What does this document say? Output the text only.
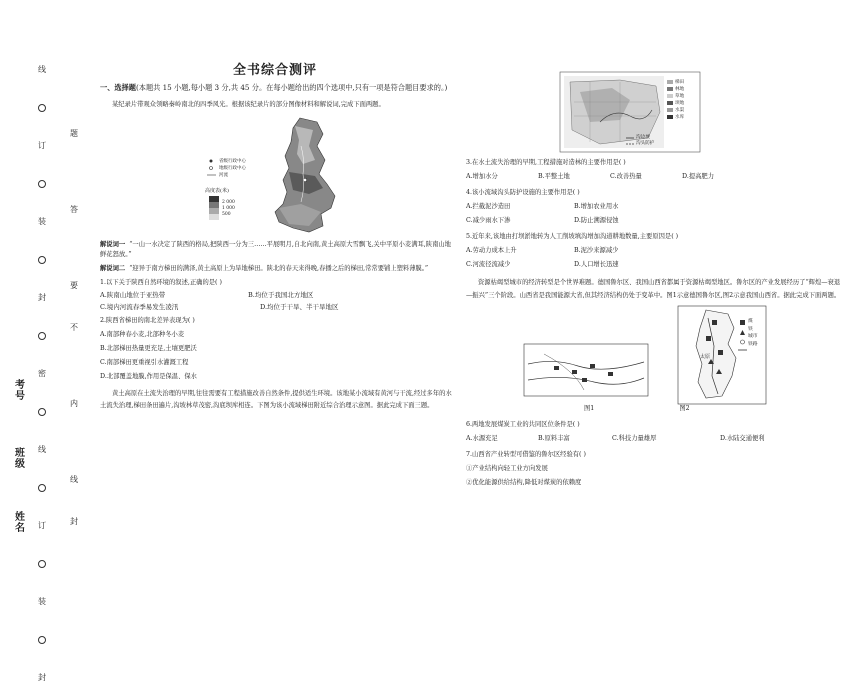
线
订
装
封
密
线
订
装
封
题
答
要
不
内
线
封
考号
班级
姓名
全书综合测评
一、选择题(本题共 15 小题,每小题 3 分,共 45 分。在每小题给出的四个选项中,只有一项是符合题目要求的。)

某纪录片带观众领略秦岭南北的四季风光。根据该纪录片的部分图像材料和解说词,完成下面两题。

省级行政中心
地级行政中心
河流
高度表(米)
2 000
1 000
500

解说词一 “一山一水决定了陕西的格局,把陕西一分为三……平展明月,自北向南,黄土高原大雪飘飞,关中平原小麦满耳,陕南山地鲜花怒放。”

解说词二 “迎异于南方梯田的满泽,黄土高原上为旱地梯田。陕北的春天来得晚,春播之后的梯田,常常要铺上塑料薄膜。”

1.以下关于陕西自然环境的叙述,正确的是( )

A.陕南山地位于亚热带	B.均位于我国北方地区
C.境内河流春季易发生凌汛	D.均位于干旱、半干旱地区

2.陕西省梯田的南北差异表现为( )

A.南部种春小麦,北部种冬小麦

B.北部梯田热量更充足,土壤更肥沃

C.南部梯田更重视引水灌溉工程

D.北部覆盖地膜,作用是保温、保水

黄土高原在土流失治理的早期,往往需要有工程措施改善自然条件,提供适生环境。该地某小流域有黄河与干流,经过多年的水土流失治理,梯田条田遍片,沟坡林草茂密,沟底坝库相连。下图为该小流域梯田附近综合治理示意图。据此完成下面三题。

梯田
林地
草地
坝地
水渠
水库
沟边埂
沟头防护

3.在水土流失治理的早期,工程措施对造林的主要作用是( )

A.增加水分	B.平整土地	C.改善热量	D.提高肥力

4.该小流域沟头防护设施的主要作用是( )

A.拦截泥沙造田	B.增加农业用水
C.减少雨水下渗	D.防止溯源侵蚀

5.近年来,该地由打坝淤地转为人工削坡填沟增加沟道耕地数量,主要原因是( )

A.劳动力成本上升	B.泥沙来源减少
C.河流径流减少	D.人口增长迅速

资源枯竭型城市的经济转型是个世界难题。德国鲁尔区、我国山西省都属于资源枯竭型地区。鲁尔区的产业发展经历了“辉煌—衰退—振兴”三个阶段。山西省是我国能源大省,但其经济结构仍处于变革中。图1示意德国鲁尔区,图2示意我国山西省。据此完成下面两题。

煤
铁
城市
铁路
太原
图1	图2

6.两地发展煤炭工业的共同区位条件是( )

A.水源充足	B.原料丰富	C.科技力量雄厚	D.水陆交通便利

7.山西省产业转型可借鉴的鲁尔区经验有( )

①产业结构向轻工业方向发展

②优化能源供给结构,降低对煤炭的依赖度
